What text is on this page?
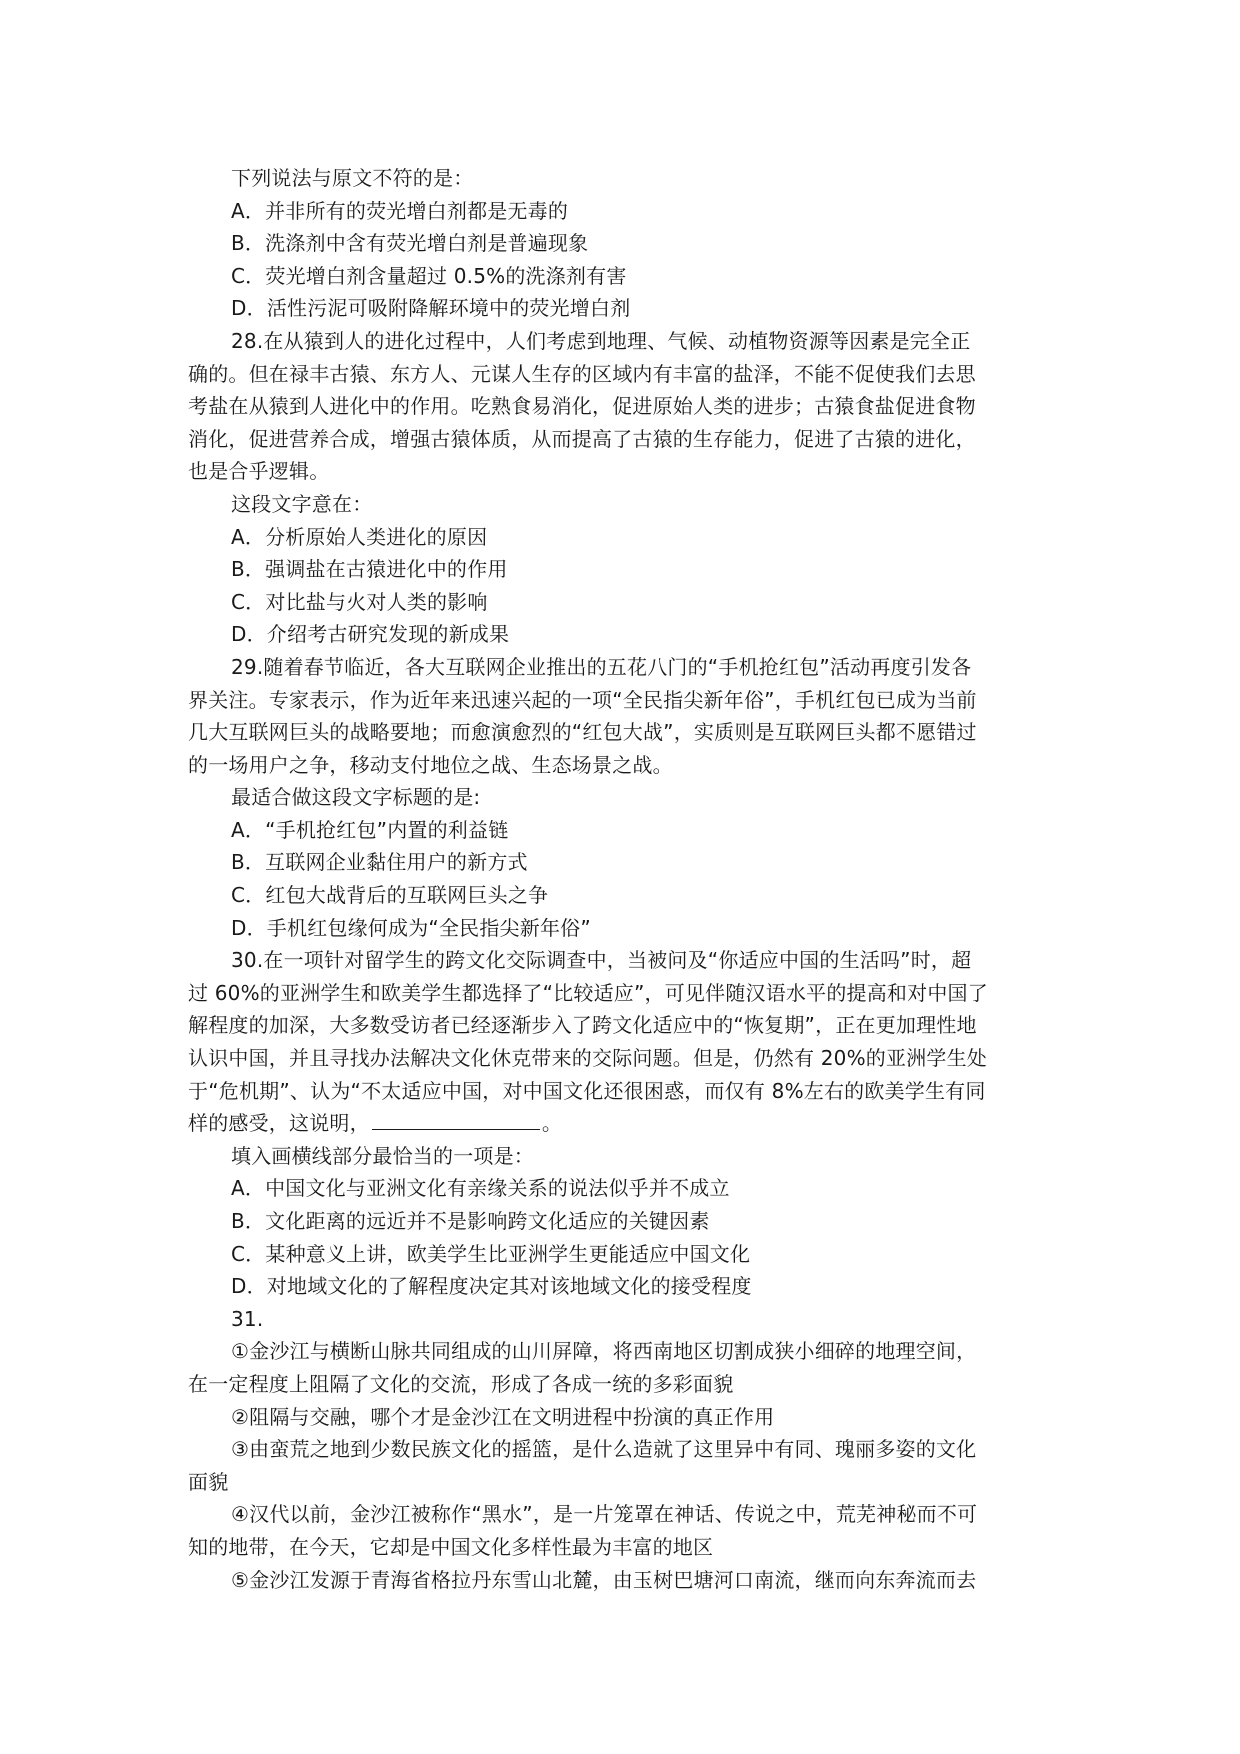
下列说法与原文不符的是：
A．并非所有的荧光增白剂都是无毒的
B．洗涤剂中含有荧光增白剂是普遍现象
C．荧光增白剂含量超过 0.5%的洗涤剂有害
D．活性污泥可吸附降解环境中的荧光增白剂
28.在从猿到人的进化过程中，人们考虑到地理、气候、动植物资源等因素是完全正
确的。但在禄丰古猿、东方人、元谋人生存的区域内有丰富的盐泽，不能不促使我们去思
考盐在从猿到人进化中的作用。吃熟食易消化，促进原始人类的进步；古猿食盐促进食物
消化，促进营养合成，增强古猿体质，从而提高了古猿的生存能力，促进了古猿的进化，
也是合乎逻辑。
这段文字意在：
A．分析原始人类进化的原因
B．强调盐在古猿进化中的作用
C．对比盐与火对人类的影响
D．介绍考古研究发现的新成果
29.随着春节临近，各大互联网企业推出的五花八门的“手机抢红包”活动再度引发各
界关注。专家表示，作为近年来迅速兴起的一项“全民指尖新年俗”，手机红包已成为当前
几大互联网巨头的战略要地；而愈演愈烈的“红包大战”，实质则是互联网巨头都不愿错过
的一场用户之争，移动支付地位之战、生态场景之战。
最适合做这段文字标题的是:
A．“手机抢红包”内置的利益链
B．互联网企业黏住用户的新方式
C．红包大战背后的互联网巨头之争
D．手机红包缘何成为“全民指尖新年俗”
30.在一项针对留学生的跨文化交际调查中，当被问及“你适应中国的生活吗”时，超
过 60%的亚洲学生和欧美学生都选择了“比较适应”，可见伴随汉语水平的提高和对中国了
解程度的加深，大多数受访者已经逐渐步入了跨文化适应中的“恢复期”，正在更加理性地
认识中国，并且寻找办法解决文化休克带来的交际问题。但是，仍然有 20%的亚洲学生处
于“危机期”、认为“不太适应中国，对中国文化还很困惑，而仅有 8%左右的欧美学生有同
样的感受，这说明，	。
填入画横线部分最恰当的一项是：
A．中国文化与亚洲文化有亲缘关系的说法似乎并不成立
B．文化距离的远近并不是影响跨文化适应的关键因素
C．某种意义上讲，欧美学生比亚洲学生更能适应中国文化
D．对地域文化的了解程度决定其对该地域文化的接受程度
31.
①金沙江与横断山脉共同组成的山川屏障，将西南地区切割成狭小细碎的地理空间，
在一定程度上阻隔了文化的交流，形成了各成一统的多彩面貌
②阻隔与交融，哪个才是金沙江在文明进程中扮演的真正作用
③由蛮荒之地到少数民族文化的摇篮，是什么造就了这里异中有同、瑰丽多姿的文化
面貌
④汉代以前，金沙江被称作“黑水”，是一片笼罩在神话、传说之中，荒芜神秘而不可
知的地带，在今天，它却是中国文化多样性最为丰富的地区
⑤金沙江发源于青海省格拉丹东雪山北麓，由玉树巴塘河口南流，继而向东奔流而去
